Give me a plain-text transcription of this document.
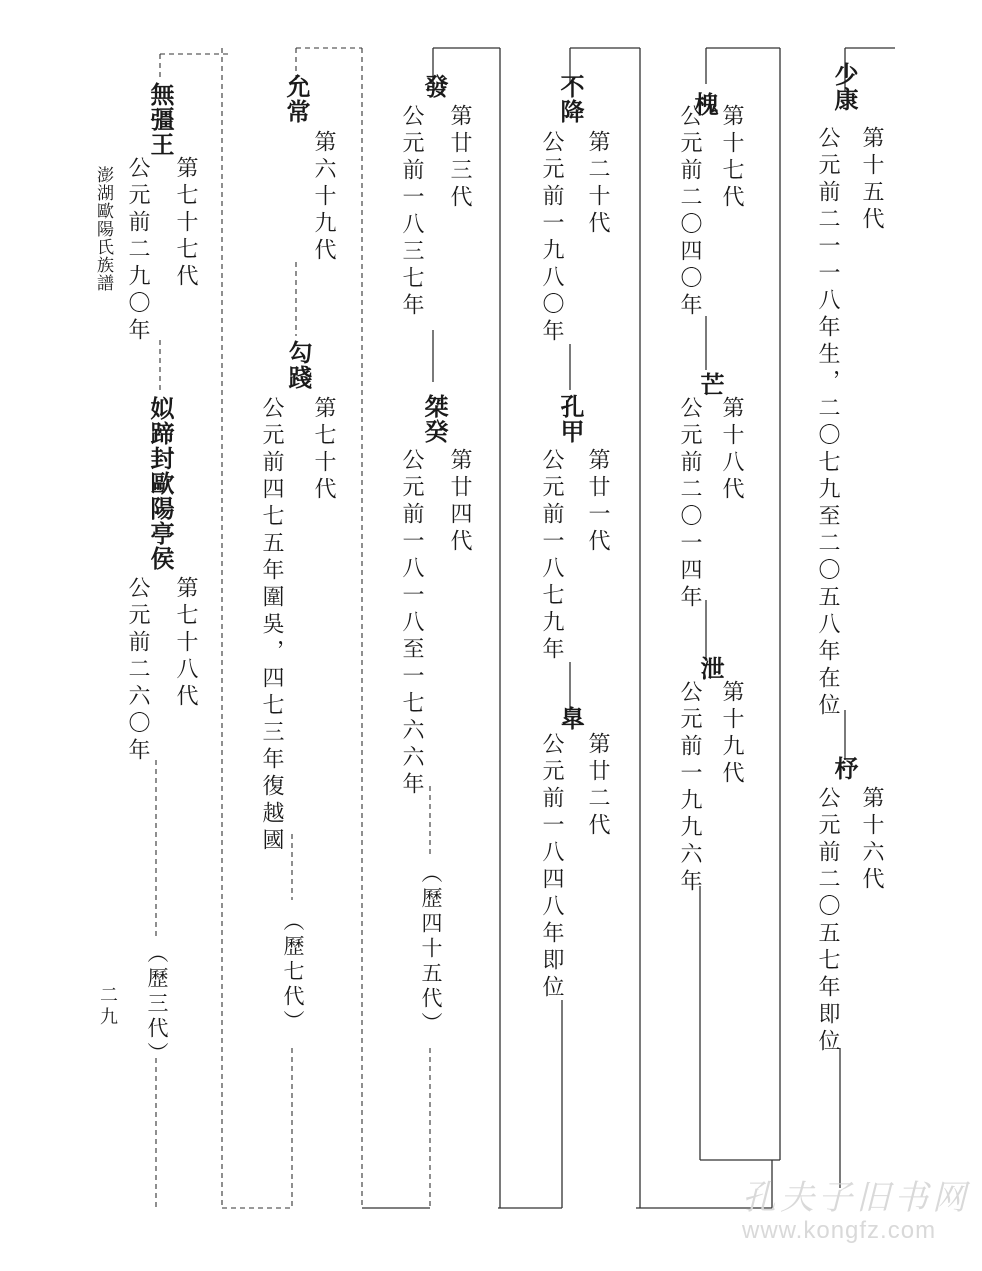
澎湖歐陽氏族譜
二九
少康
第十五代
公元前二一一八年生，二〇七九至二〇五八年在位
杼
第十六代
公元前二〇五七年即位
槐 第十七代
公元前二〇四〇年
芒
第十八代
公元前二〇一四年
泄
第十九代
公元前一九九六年
不降
第二十代
公元前一九八〇年
孔甲
第廿一代
公元前一八七九年
臯
第廿二代
公元前一八四八年即位
發
第廿三代
公元前一八三七年
桀癸
第廿四代
公元前一八一八至一七六六年
（歷四十五代）
允常
第六十九代
勾踐
第七十代
公元前四七五年圍吳，四七三年復越國
（歷七代）
無彊王
第七十七代
公元前二九〇年
姒蹄封歐陽亭侯
第七十八代
公元前二六〇年
（歷三代）
孔夫子旧书网
www.kongfz.com
